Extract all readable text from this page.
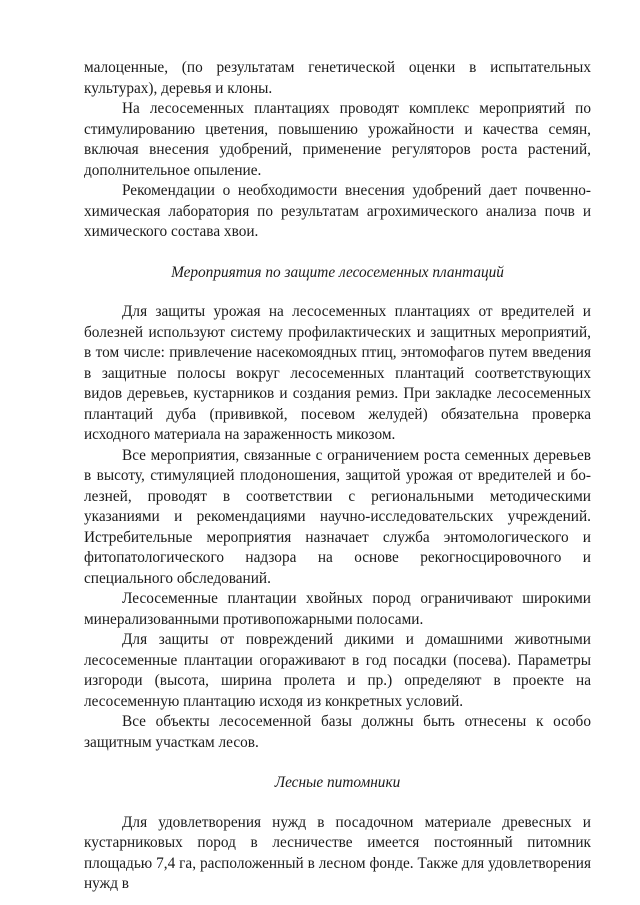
малоценные, (по результатам генетической оценки в испытательных культурах), деревья и клоны.

На лесосеменных плантациях проводят комплекс мероприятий по стимулированию цветения, повышению урожайности и качества семян, включая внесения удобрений, применение регуляторов роста растений, дополнительное опыление.

Рекомендации о необходимости внесения удобрений дает почвенно-химическая лаборатория по результатам агрохимического анализа почв и химического состава хвои.

Мероприятия по защите лесосеменных плантаций

Для защиты урожая на лесосеменных плантациях от вредителей и болезней используют систему профилактических и защитных мероприятий, в том числе: привлечение насекомоядных птиц, энтомофагов путем введения в защитные полосы вокруг лесосеменных плантаций соответствующих видов деревьев, кустарников и создания ремиз. При закладке лесосеменных плантаций дуба (прививкой, посевом желудей) обязательна проверка исходного материала на зараженность микозом.

Все мероприятия, связанные с ограничением роста семенных деревьев в высоту, стимуляцией плодоношения, защитой урожая от вредителей и бо-лезней, проводят в соответствии с региональными методическими указаниями и рекомендациями научно-исследовательских учреждений. Истребительные мероприятия назначает служба энтомологического и фитопатологического надзора на основе рекогносцировочного и специального обследований.

Лесосеменные плантации хвойных пород ограничивают широкими минерализованными противопожарными полосами.

Для защиты от повреждений дикими и домашними животными лесосеменные плантации огораживают в год посадки (посева). Параметры изгороди (высота, ширина пролета и пр.) определяют в проекте на лесосеменную плантацию исходя из конкретных условий.

Все объекты лесосеменной базы должны быть отнесены к особо защитным участкам лесов.

Лесные питомники

Для удовлетворения нужд в посадочном материале древесных и кустарниковых пород в лесничестве имеется постоянный питомник площадью 7,4 га, расположенный в лесном фонде. Также для удовлетворения нужд в
